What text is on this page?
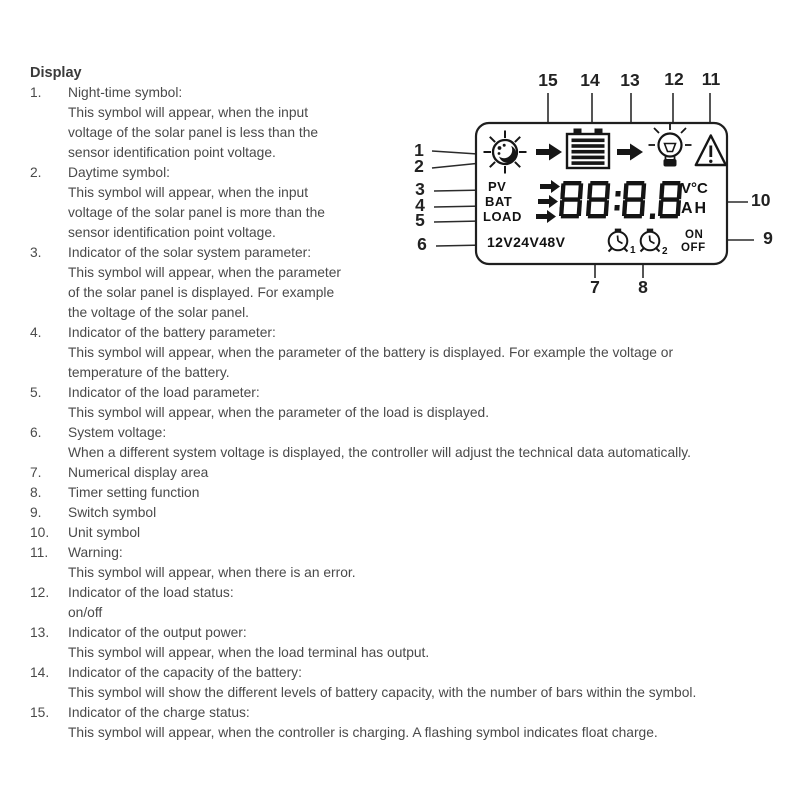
Display
1.	Night-time symbol:
This symbol will appear, when the input
voltage of the solar panel is less than the
sensor identification point voltage.
2.	Daytime symbol:
This symbol will appear, when the input
voltage of the solar panel is more than the
sensor identification point voltage.
3.	Indicator of the solar system parameter:
This symbol will appear, when the parameter
of the solar panel is displayed. For example
the voltage of the solar panel.
4.	Indicator of the battery parameter:
This symbol will appear, when the parameter of the battery is displayed. For example the voltage or
temperature of the battery.
5.	Indicator of the load parameter:
This symbol will appear, when the parameter of the load is displayed.
6.	System voltage:
When a different system voltage is displayed, the controller will adjust the technical data automatically.
7.	Numerical display area
8.	Timer setting function
9.	Switch symbol
10.	Unit symbol
11.	Warning:
This symbol will appear, when there is an error.
12.	Indicator of the load status:
on/off
13.	Indicator of the output power:
This symbol will appear, when the load terminal has output.
14.	Indicator of the capacity of the battery:
This symbol will show the different levels of battery capacity, with the number of bars within the symbol.
15.	Indicator of the charge status:
This symbol will appear, when the controller is charging. A flashing symbol indicates float charge.
15 14 13 12 11
1
2
3
4
5
6
10
9
7	8
PV
BAT
LOAD
12V24V48V
V°C
AH
ON
OFF
1	2
